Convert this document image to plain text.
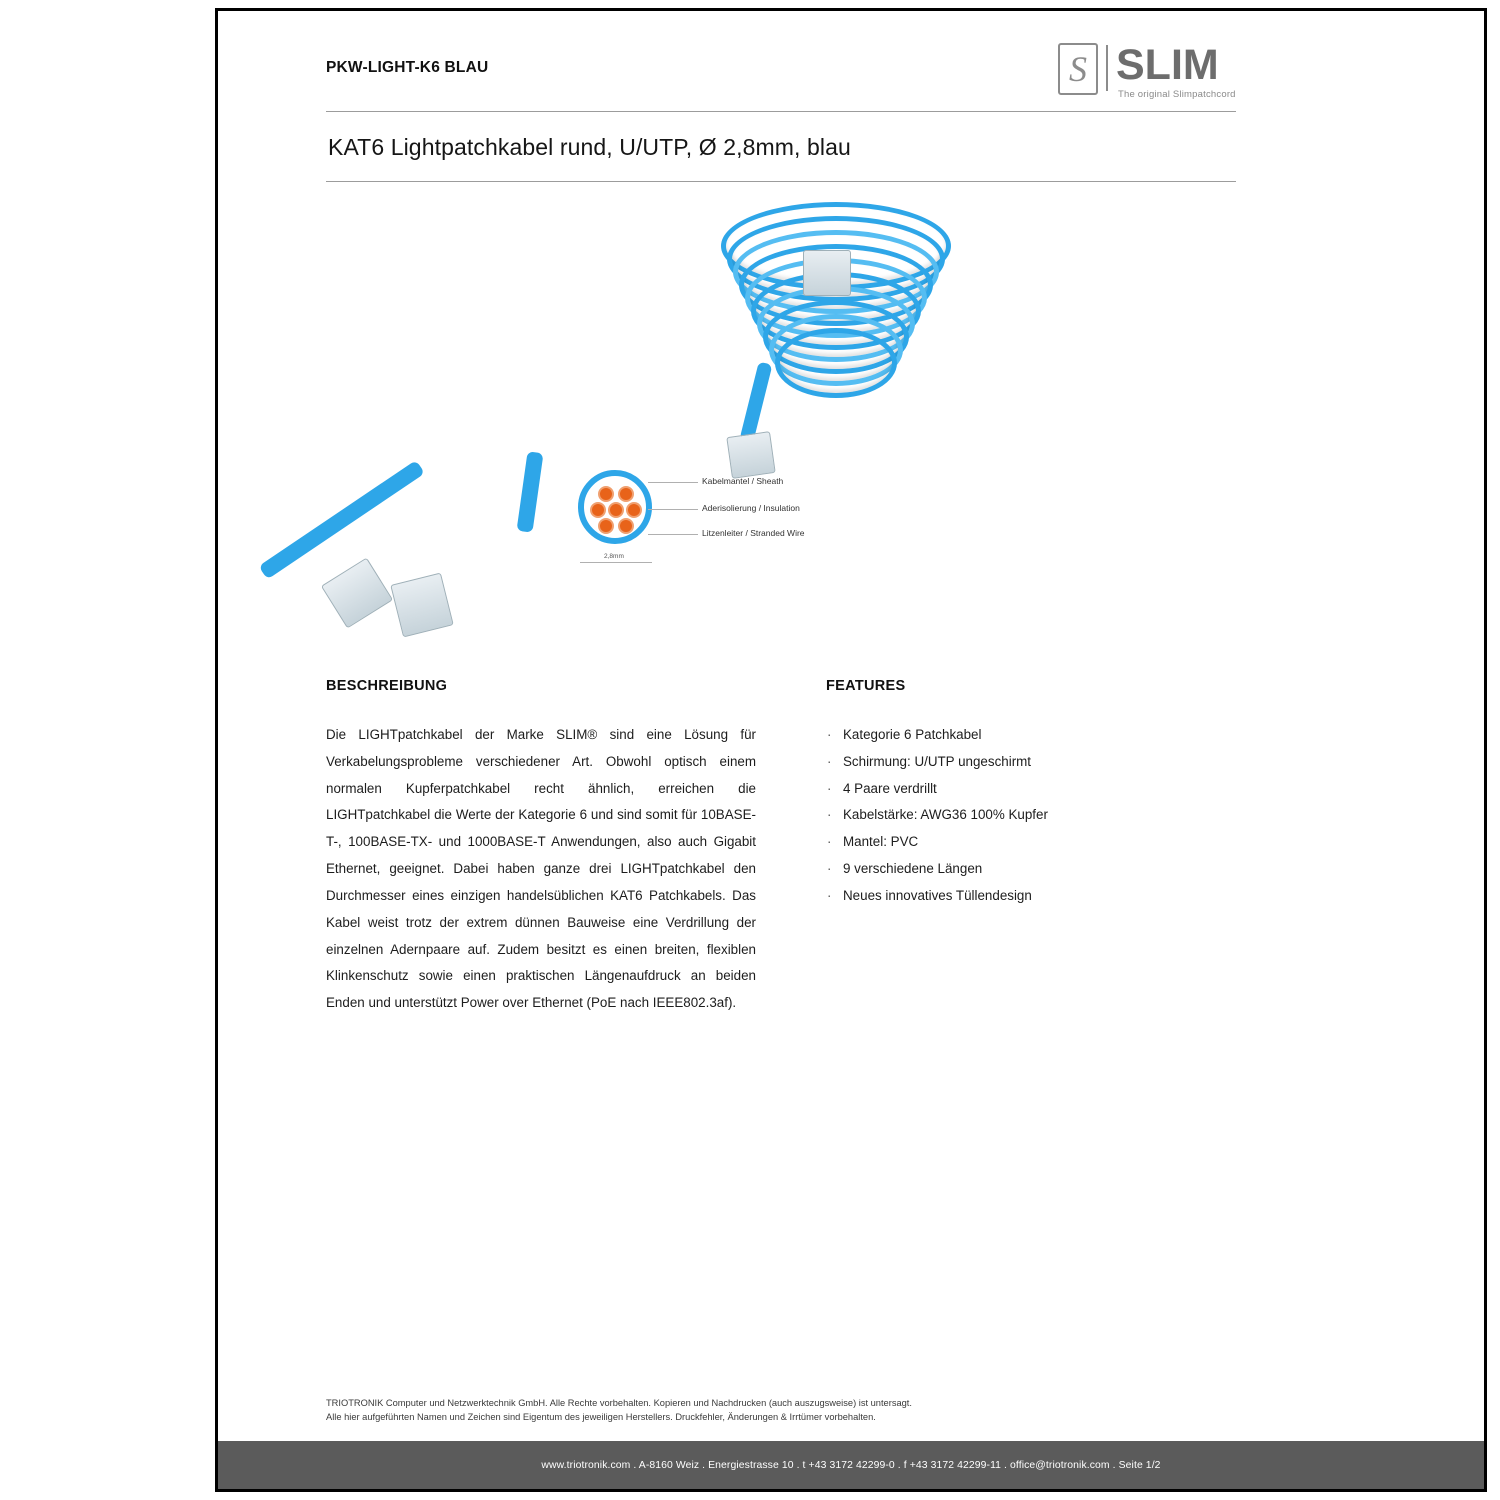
PKW-LIGHT-K6 BLAU	S SLIM
The original Slimpatchcord
KAT6 Lightpatchkabel rund, U/UTP, Ø 2,8mm, blau
Kabelmantel / Sheath
Aderisolierung / Insulation
Litzenleiter / Stranded Wire
2,8mm
BESCHREIBUNG
Die LIGHTpatchkabel der Marke SLIM® sind eine Lösung für Verkabelungsprobleme verschiedener Art. Obwohl optisch einem normalen Kupferpatchkabel recht ähnlich, erreichen die LIGHTpatchkabel die Werte der Kategorie 6 und sind somit für 10BASE-T-, 100BASE-TX- und 1000BASE-T Anwendungen, also auch Gigabit Ethernet, geeignet. Dabei haben ganze drei LIGHTpatchkabel den Durchmesser eines einzigen handelsüblichen KAT6 Patchkabels. Das Kabel weist trotz der extrem dünnen Bauweise eine Verdrillung der einzelnen Adernpaare auf. Zudem besitzt es einen breiten, flexiblen Klinkenschutz sowie einen praktischen Längenaufdruck an beiden Enden und unterstützt Power over Ethernet (PoE nach IEEE802.3af).
FEATURES
· Kategorie 6 Patchkabel
· Schirmung: U/UTP ungeschirmt
· 4 Paare verdrillt
· Kabelstärke: AWG36 100% Kupfer
· Mantel: PVC
· 9 verschiedene Längen
· Neues innovatives Tüllendesign
TRIOTRONIK Computer und Netzwerktechnik GmbH. Alle Rechte vorbehalten. Kopieren und Nachdrucken (auch auszugsweise) ist untersagt.
Alle hier aufgeführten Namen und Zeichen sind Eigentum des jeweiligen Herstellers. Druckfehler, Änderungen & Irrtümer vorbehalten.
www.triotronik.com . A-8160 Weiz . Energiestrasse 10 . t +43 3172 42299-0 . f +43 3172 42299-11 . office@triotronik.com . Seite 1/2
